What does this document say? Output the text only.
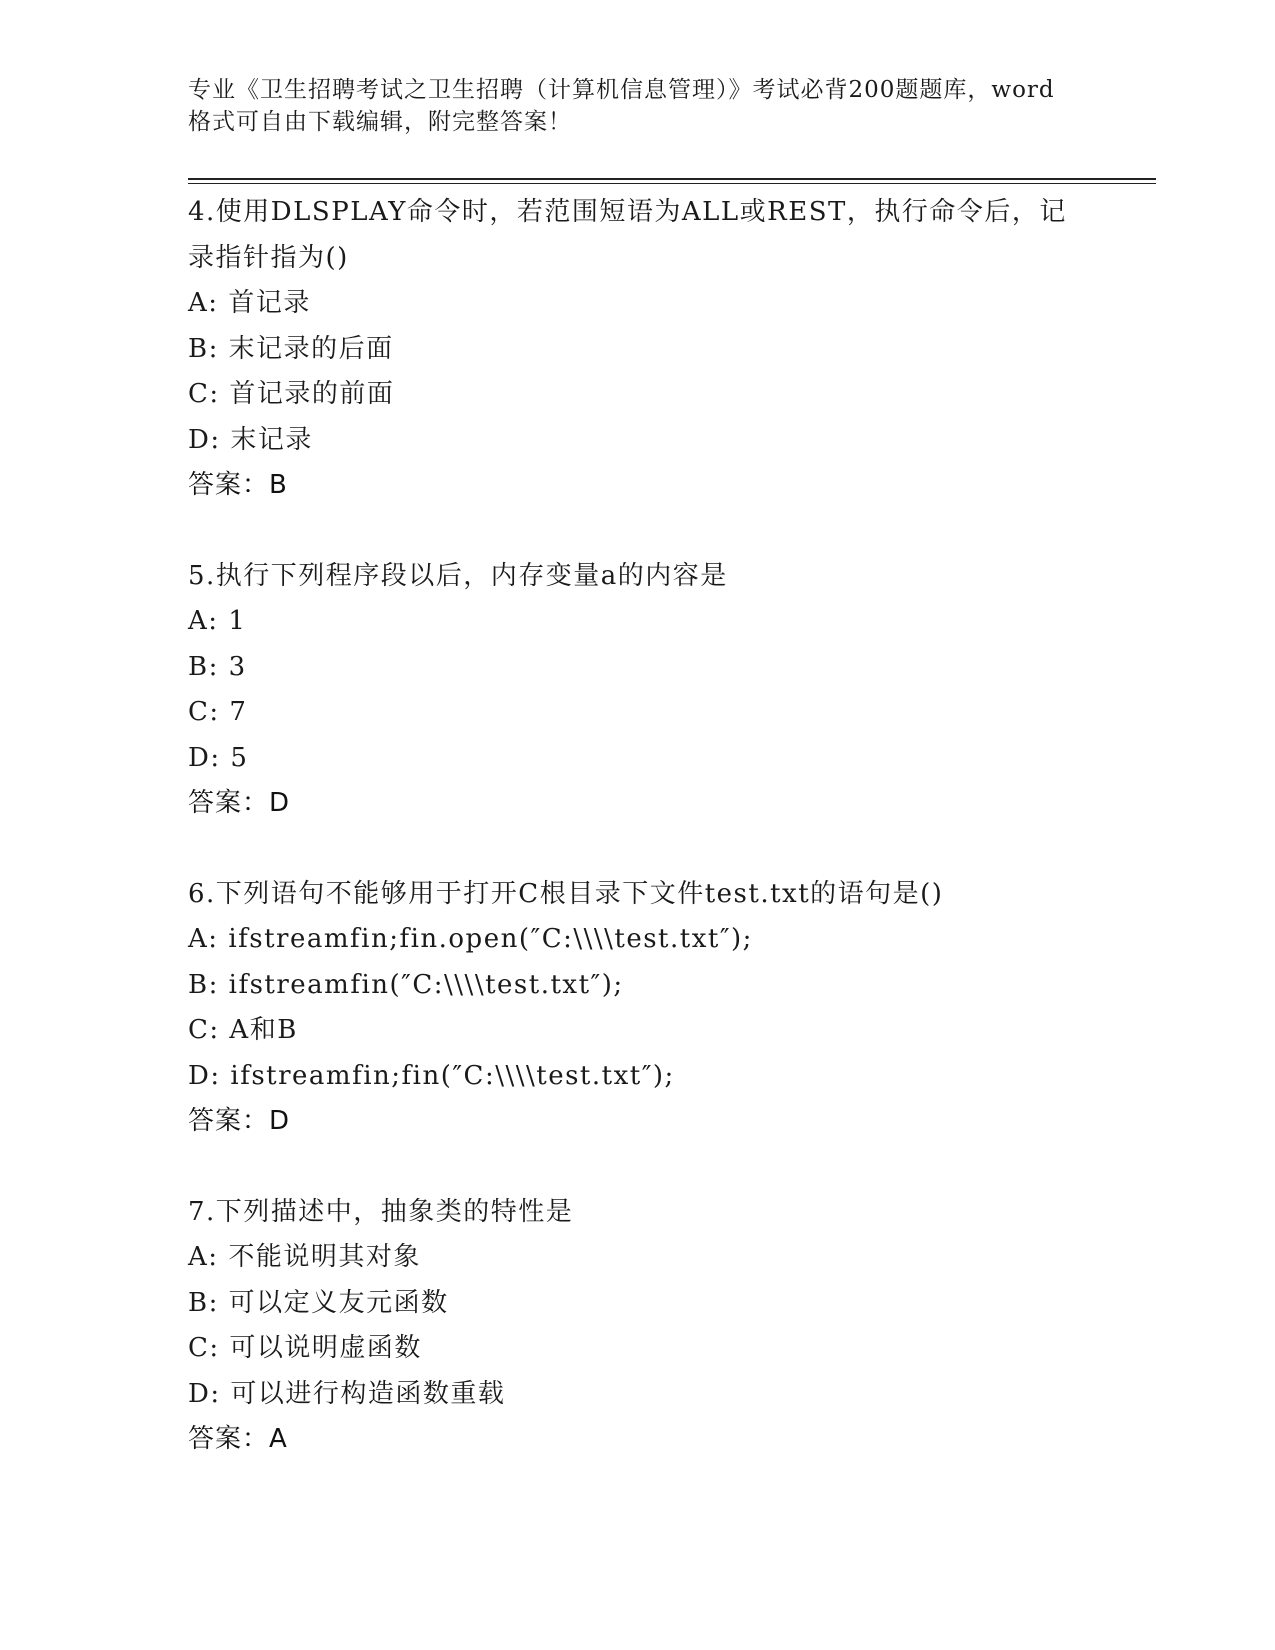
专业《卫生招聘考试之卫生招聘（计算机信息管理）》考试必背200题题库，word
格式可自由下载编辑，附完整答案！
4.使用DLSPLAY命令时，若范围短语为ALL或REST，执行命令后，记
录指针指为()
A: 首记录
B: 末记录的后面
C: 首记录的前面
D: 末记录
答案：B
5.执行下列程序段以后，内存变量a的内容是
A: 1
B: 3
C: 7
D: 5
答案：D
6.下列语句不能够用于打开C根目录下文件test.txt的语句是()
A: ifstreamfin;fin.open(″C:\\\\test.txt″);
B: ifstreamfin(″C:\\\\test.txt″);
C: A和B
D: ifstreamfin;fin(″C:\\\\test.txt″);
答案：D
7.下列描述中，抽象类的特性是
A: 不能说明其对象
B: 可以定义友元函数
C: 可以说明虚函数
D: 可以进行构造函数重载
答案：A
